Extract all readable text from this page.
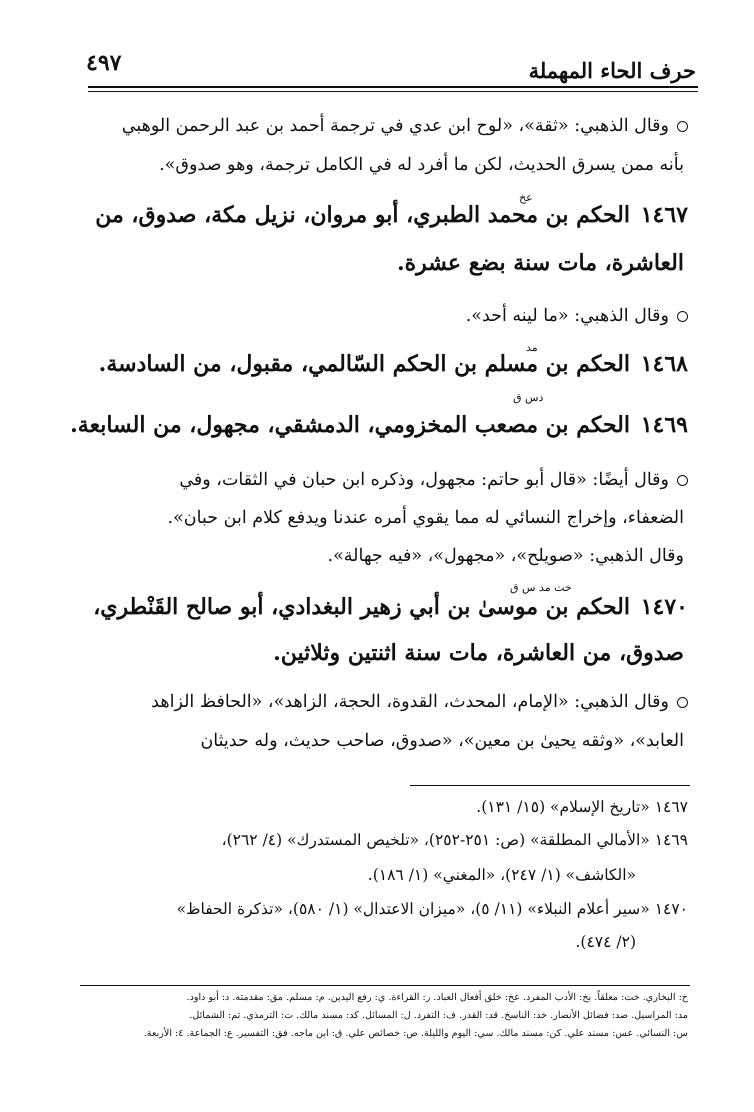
حرف الحاء المهملة
٤٩٧
وقال الذهبي: «ثقة»، «لوح ابن عدي في ترجمة أحمد بن عبد الرحمن الوهبي
بأنه ممن يسرق الحديث، لكن ما أفرد له في الكامل ترجمة، وهو صدوق».
عخ
١٤٦٧الحكم بن محمد الطبري، أبو مروان، نزيل مكة، صدوق، من
العاشرة، مات سنة بضع عشرة.
وقال الذهبي: «ما لينه أحد».
مد
١٤٦٨الحكم بن مسلم بن الحكم السّالمي، مقبول، من السادسة.
دس ق
١٤٦٩الحكم بن مصعب المخزومي، الدمشقي، مجهول، من السابعة.
وقال أيضًا: «قال أبو حاتم: مجهول، وذكره ابن حبان في الثقات، وفي
الضعفاء، وإخراج النسائي له مما يقوي أمره عندنا ويدفع كلام ابن حبان».
وقال الذهبي: «صويلح»، «مجهول»، «فيه جهالة».
خت مد س ق
١٤٧٠الحكم بن موسىٰ بن أبي زهير البغدادي، أبو صالح القَنْطري،
صدوق، من العاشرة، مات سنة اثنتين وثلاثين.
وقال الذهبي: «الإمام، المحدث، القدوة، الحجة، الزاهد»، «الحافظ الزاهد
العابد»، «وثقه يحيىٰ بن معين»، «صدوق، صاحب حديث، وله حديثان
١٤٦٧ «تاريخ الإسلام» (١٥/ ١٣١).
١٤٦٩ «الأمالي المطلقة» (ص: ٢٥١-٢٥٢)، «تلخيص المستدرك» (٤/ ٢٦٢)،
«الكاشف» (١/ ٢٤٧)، «المغني» (١/ ١٨٦).
١٤٧٠ «سير أعلام النبلاء» (١١/ ٥)، «ميزان الاعتدال» (١/ ٥٨٠)، «تذكرة الحفاظ»
(٢/ ٤٧٤).
خ: البخاري. خت: معلقاً. بخ: الأدب المفرد. عخ: خلق أفعال العباد. ر: القراءة. ي: رفع اليدين. م: مسلم. مق: مقدمته. د: أبو داود.
مد: المراسيل. صد: فضائل الأنصار. خد: الناسخ. قد: القدر. ف: التفرد. ل: المسائل. كد: مسند مالك. ت: الترمذي. تم: الشمائل.
س: النسائي. عس: مسند علي. كن: مسند مالك. سي: اليوم والليلة. ص: خصائص علي. ق: ابن ماجه. فق: التفسير. ع: الجماعة. ٤: الأربعة.
